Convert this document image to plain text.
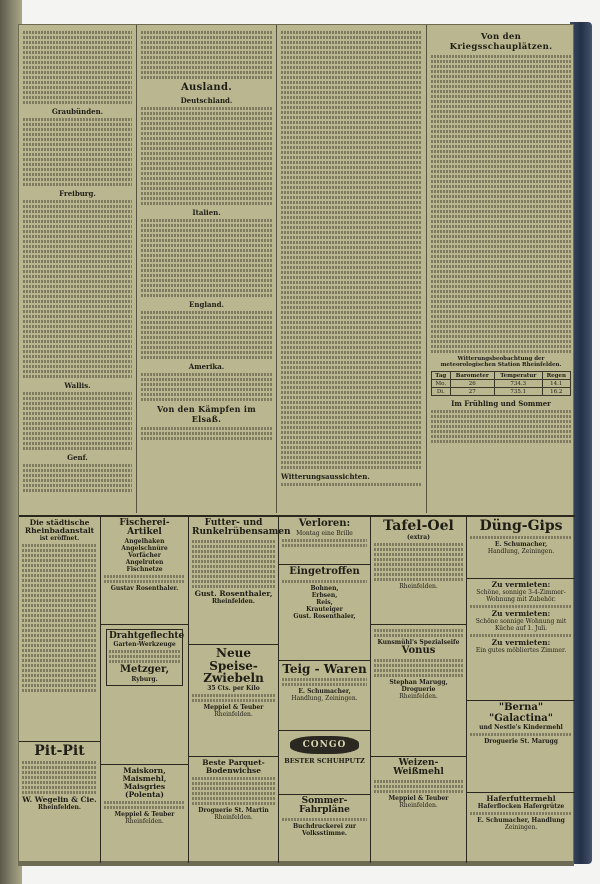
Graubünden.
Freiburg.
Wallis.
Genf.
Ausland.
Deutschland.
Italien.
England.
Amerika.
Von den Kämpfen im Elsaß.
Witterungsaussichten.
Von den Kriegsschauplätzen.
Witterungsbeobachtung der meteorologischen Station Rheinfelden.
Tag	Barometer	Temperatur	Regen
Mo.	26	734.3	14.1
Di.	27	735.1	16.2
Im Frühling und Sommer
Die städtische Rheinbadanstalt
ist eröffnet.
Pit-Pit
W. Wegelin & Cie.
Rheinfelden.
Fischerei-Artikel
Angelhaken
Angelschnüre
Vorfächer
Angelruten
Fischnetze
Gustav Rosenthaler.
Drahtgeflechte
Garten-Werkzeuge
Metzger,
Ryburg.
Maiskorn, Maismehl,
Maisgries (Polenta)
Meppiel & Teuber
Rheinfelden.
Futter- und Runkelrübensamen
Gust. Rosenthaler,
Rheinfelden.
Neue Speise-Zwiebeln
35 Cts. per Kilo
Meppiel & Teuber
Rheinfelden.
Beste Parquet-Bodenwichse
Droguerie St. Martin
Rheinfelden.
Verloren:
Montag eine Brille
Eingetroffen
Bohnen,
Erbsen,
Reis,
Krauteiger
Gust. Rosenthaler,
Teig - Waren
E. Schumacher,
Handlung, Zeiningen.
CONGO
BESTER SCHUHPUTZ
Sommer-Fahrpläne
Buchdruckerei zur Volksstimme.
Tafel-Oel
(extra)
Rheinfelden.
Kunsmühl's Spezialseife
Vonus
Stephan Marugg, Droguerie
Rheinfelden.
Weizen-Weißmehl
Meppiel & Teuber
Rheinfelden.
Düng-Gips
E. Schumacher,
Handlung, Zeiningen.
Zu vermieten:
Schöne, sonnige 3-4-Zimmer-Wohnung mit Zubehör.
Zu vermieten:
Schöne sonnige Wohnung mit Küche auf 1. Juli.
Zu vermieten:
Ein gutes möbliertes Zimmer.
"Berna"
"Galactina"
und Nestle's Kindermehl
Droguerie St. Marugg
Haferfuttermehl
Haferflocken Hafergrütze
E. Schumacher, Handlung
Zeiningen.
